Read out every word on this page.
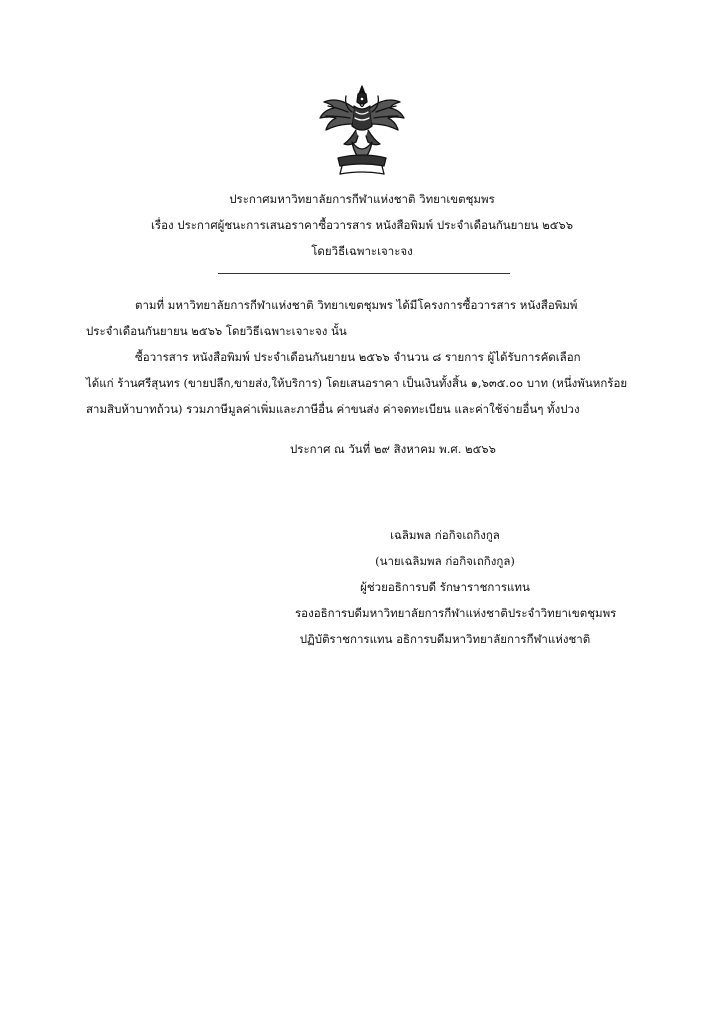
ประกาศมหาวิทยาลัยการกีฬาแห่งชาติ วิทยาเขตชุมพร
เรื่อง ประกาศผู้ชนะการเสนอราคาซื้อวารสาร หนังสือพิมพ์ ประจำเดือนกันยายน ๒๕๖๖
โดยวิธีเฉพาะเจาะจง
ตามที่ มหาวิทยาลัยการกีฬาแห่งชาติ วิทยาเขตชุมพร ได้มีโครงการซื้อวารสาร หนังสือพิมพ์
ประจำเดือนกันยายน ๒๕๖๖ โดยวิธีเฉพาะเจาะจง นั้น
ซื้อวารสาร หนังสือพิมพ์ ประจำเดือนกันยายน ๒๕๖๖ จำนวน ๘ รายการ ผู้ได้รับการคัดเลือก
ได้แก่ ร้านศรีสุนทร (ขายปลีก,ขายส่ง,ให้บริการ) โดยเสนอราคา เป็นเงินทั้งสิ้น ๑,๖๓๕.๐๐ บาท (หนึ่งพันหกร้อย
สามสิบห้าบาทถ้วน) รวมภาษีมูลค่าเพิ่มและภาษีอื่น ค่าขนส่ง ค่าจดทะเบียน และค่าใช้จ่ายอื่นๆ ทั้งปวง
ประกาศ ณ วันที่ ๒๙ สิงหาคม พ.ศ. ๒๕๖๖
เฉลิมพล ก่อกิจเถกิงกูล
(นายเฉลิมพล ก่อกิจเถกิงกูล)
ผู้ช่วยอธิการบดี รักษาราชการแทน
รองอธิการบดีมหาวิทยาลัยการกีฬาแห่งชาติประจำวิทยาเขตชุมพร
ปฏิบัติราชการแทน อธิการบดีมหาวิทยาลัยการกีฬาแห่งชาติ
